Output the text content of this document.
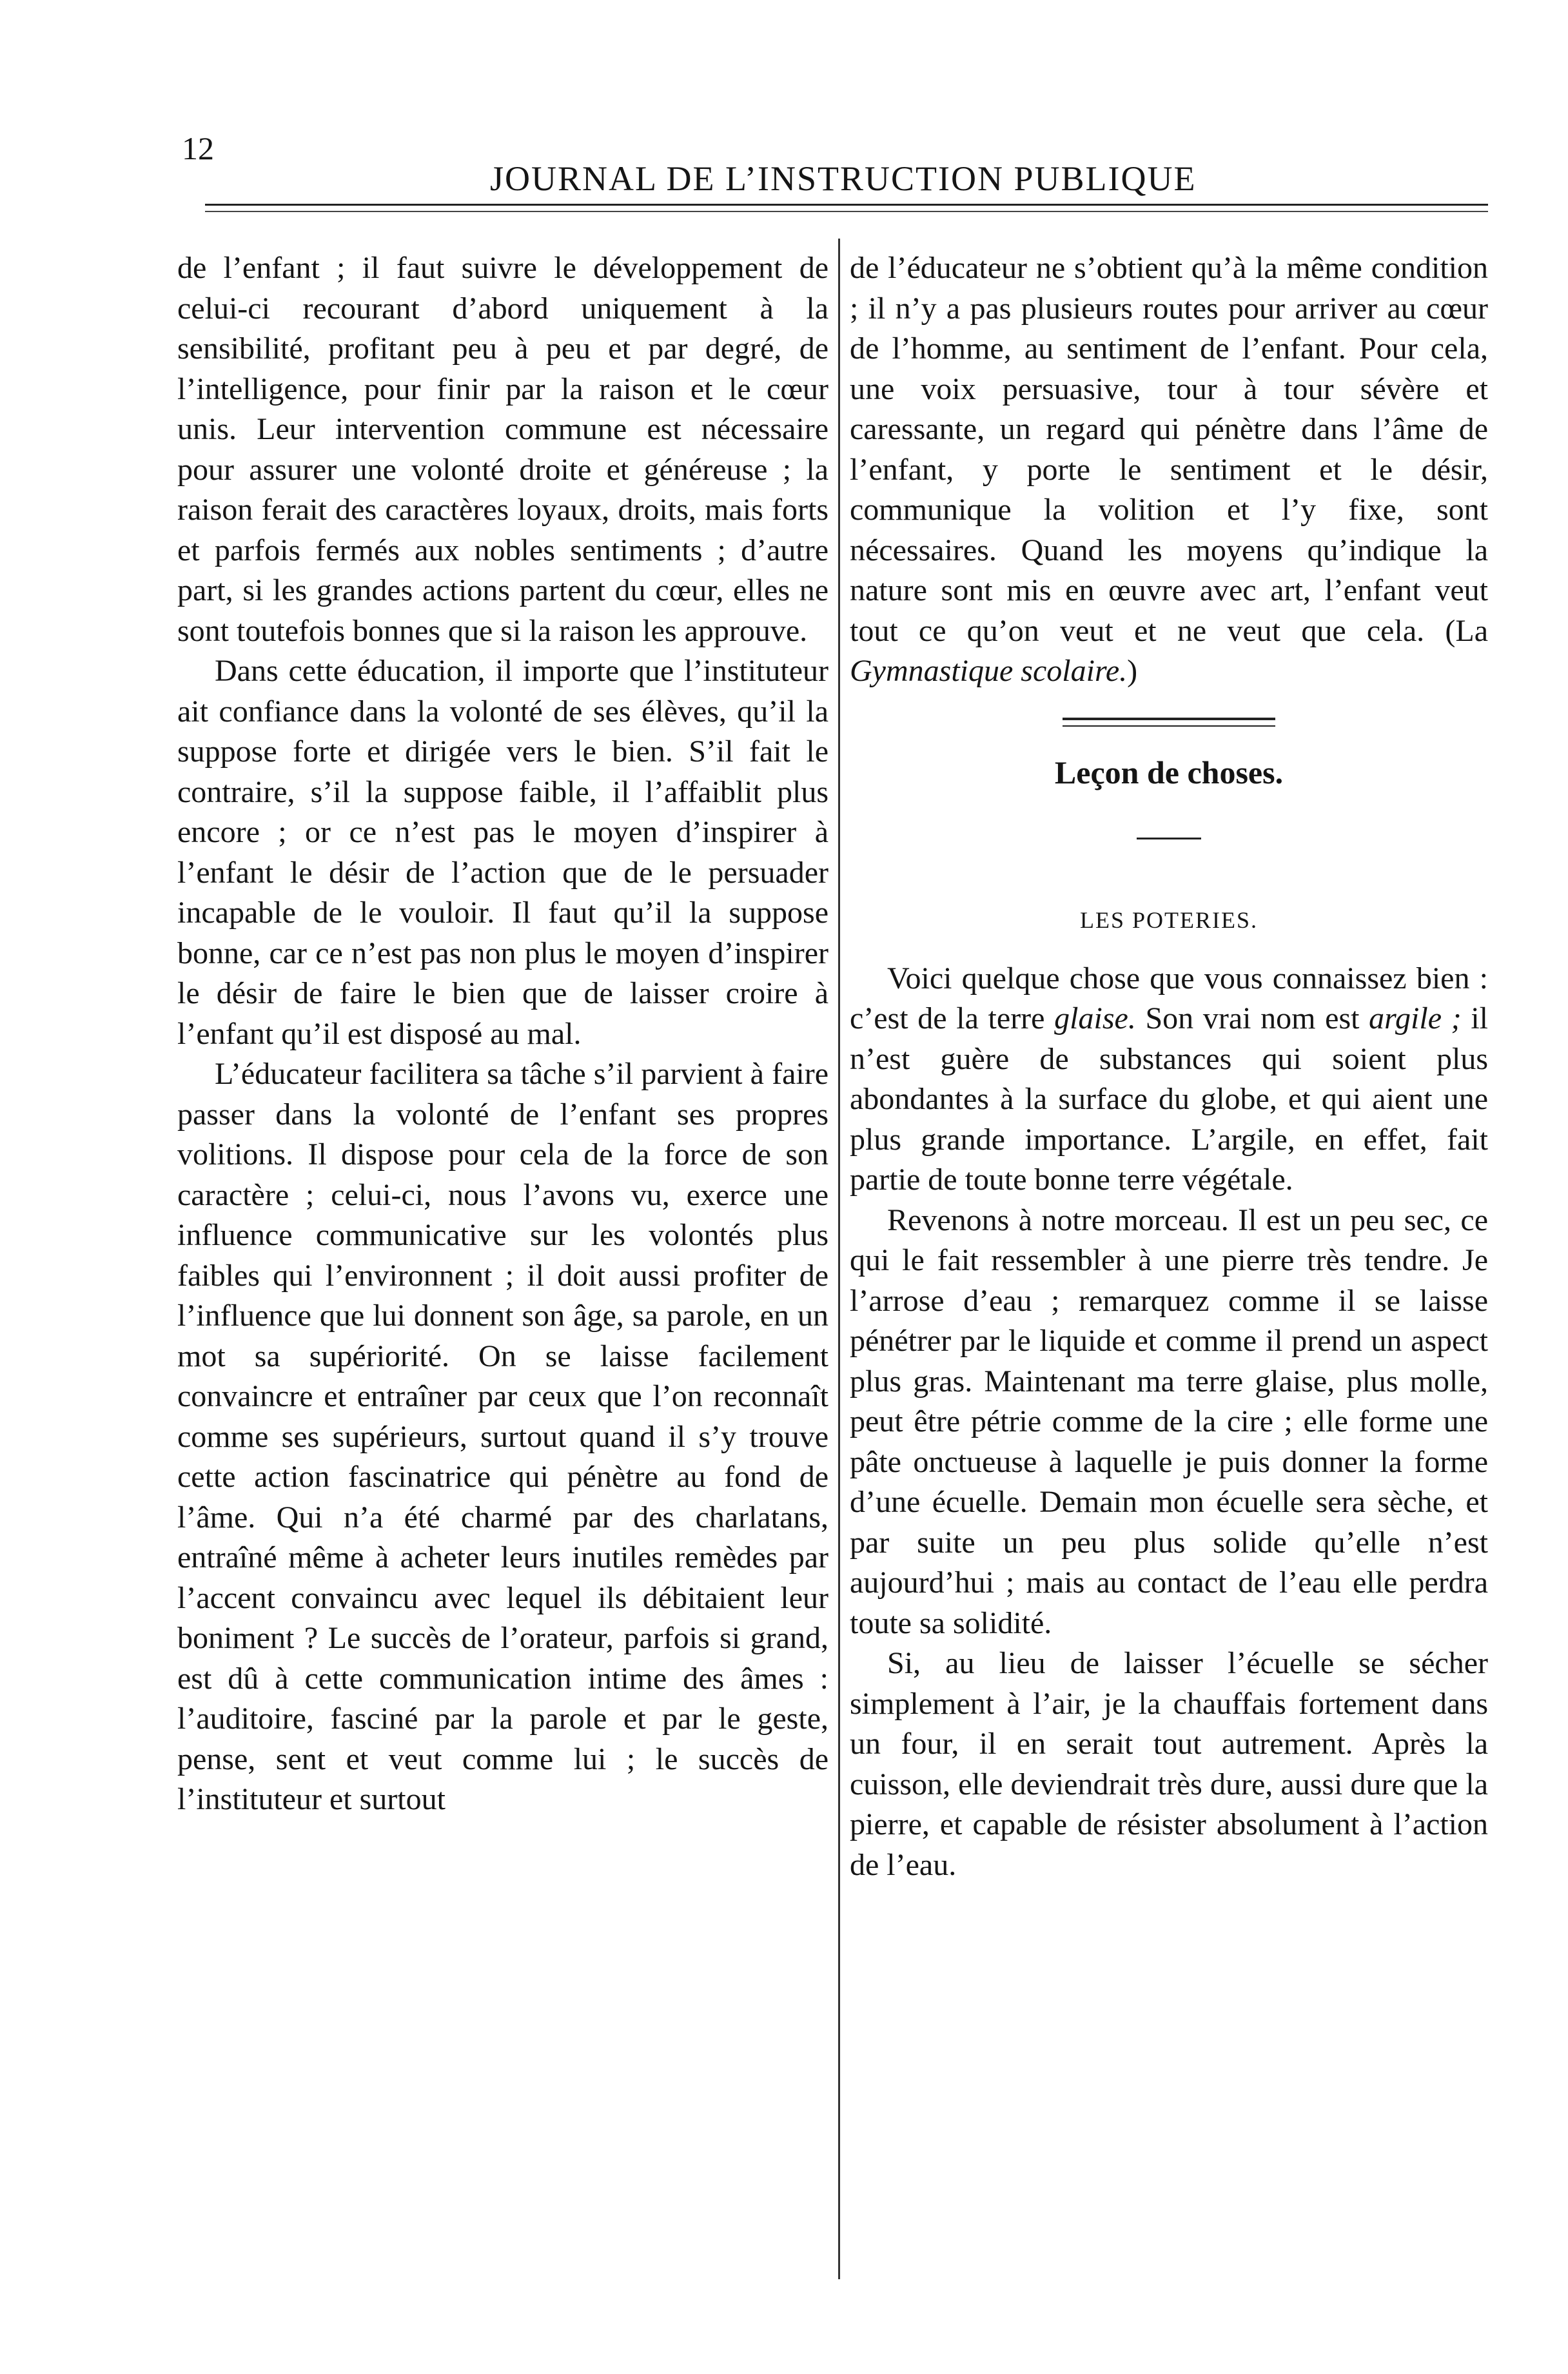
12
JOURNAL DE L’INSTRUCTION PUBLIQUE

de l’enfant ; il faut suivre le développement de celui-ci recourant d’abord uniquement à la sensibilité, profitant peu à peu et par degré, de l’intelligence, pour finir par la raison et le cœur unis. Leur intervention commune est nécessaire pour assurer une volonté droite et généreuse ; la raison ferait des caractères loyaux, droits, mais forts et parfois fermés aux nobles sentiments ; d’autre part, si les grandes actions partent du cœur, elles ne sont toutefois bonnes que si la raison les approuve.

Dans cette éducation, il importe que l’instituteur ait confiance dans la volonté de ses élèves, qu’il la suppose forte et dirigée vers le bien. S’il fait le contraire, s’il la suppose faible, il l’affaiblit plus encore ; or ce n’est pas le moyen d’inspirer à l’enfant le désir de l’action que de le persuader incapable de le vouloir. Il faut qu’il la suppose bonne, car ce n’est pas non plus le moyen d’inspirer le désir de faire le bien que de laisser croire à l’enfant qu’il est disposé au mal.

L’éducateur facilitera sa tâche s’il parvient à faire passer dans la volonté de l’enfant ses propres volitions. Il dispose pour cela de la force de son caractère ; celui-ci, nous l’avons vu, exerce une influence communicative sur les volontés plus faibles qui l’environnent ; il doit aussi profiter de l’influence que lui donnent son âge, sa parole, en un mot sa supériorité. On se laisse facilement convaincre et entraîner par ceux que l’on reconnaît comme ses supérieurs, surtout quand il s’y trouve cette action fascinatrice qui pénètre au fond de l’âme. Qui n’a été charmé par des charlatans, entraîné même à acheter leurs inutiles remèdes par l’accent convaincu avec lequel ils débitaient leur boniment ? Le succès de l’orateur, parfois si grand, est dû à cette communication intime des âmes : l’auditoire, fasciné par la parole et par le geste, pense, sent et veut comme lui ; le succès de l’instituteur et surtout

de l’éducateur ne s’obtient qu’à la même condition ; il n’y a pas plusieurs routes pour arriver au cœur de l’homme, au sentiment de l’enfant. Pour cela, une voix persuasive, tour à tour sévère et caressante, un regard qui pénètre dans l’âme de l’enfant, y porte le sentiment et le désir, communique la volition et l’y fixe, sont nécessaires. Quand les moyens qu’indique la nature sont mis en œuvre avec art, l’enfant veut tout ce qu’on veut et ne veut que cela. (La Gymnastique scolaire.)

Leçon de choses.
LES POTERIES.

Voici quelque chose que vous connaissez bien : c’est de la terre glaise. Son vrai nom est argile ; il n’est guère de substances qui soient plus abondantes à la surface du globe, et qui aient une plus grande importance. L’argile, en effet, fait partie de toute bonne terre végétale.

Revenons à notre morceau. Il est un peu sec, ce qui le fait ressembler à une pierre très tendre. Je l’arrose d’eau ; remarquez comme il se laisse pénétrer par le liquide et comme il prend un aspect plus gras. Maintenant ma terre glaise, plus molle, peut être pétrie comme de la cire ; elle forme une pâte onctueuse à laquelle je puis donner la forme d’une écuelle. Demain mon écuelle sera sèche, et par suite un peu plus solide qu’elle n’est aujourd’hui ; mais au contact de l’eau elle perdra toute sa solidité.

Si, au lieu de laisser l’écuelle se sécher simplement à l’air, je la chauffais fortement dans un four, il en serait tout autrement. Après la cuisson, elle deviendrait très dure, aussi dure que la pierre, et capable de résister absolument à l’action de l’eau.
